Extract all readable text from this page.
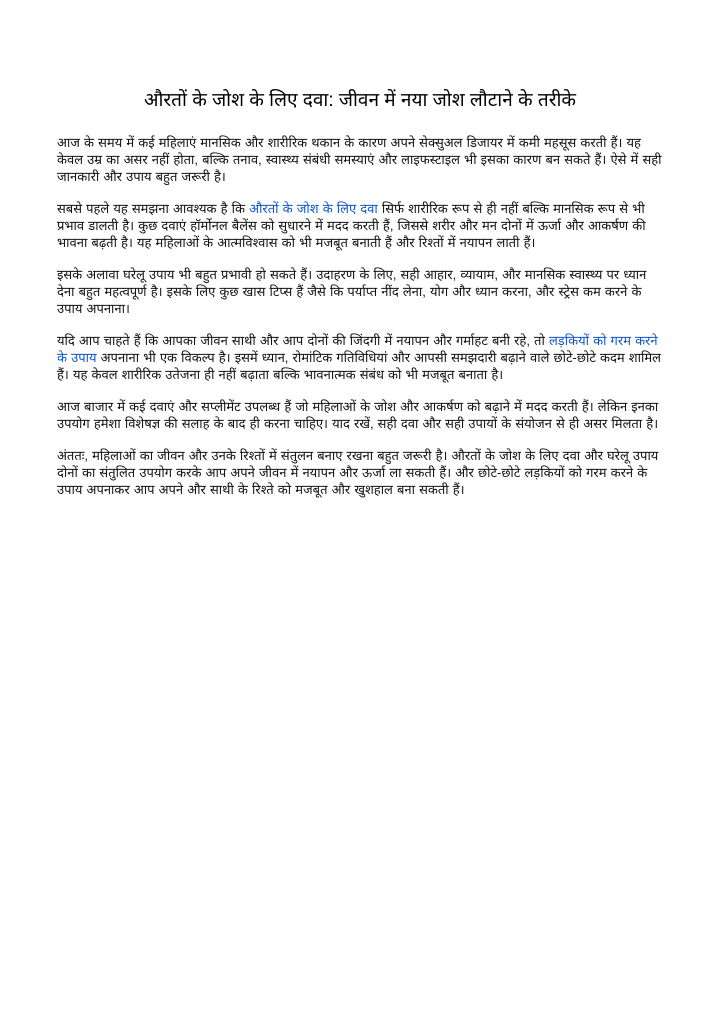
औरतों के जोश के लिए दवा: जीवन में नया जोश लौटाने के तरीके

आज के समय में कई महिलाएं मानसिक और शारीरिक थकान के कारण अपने सेक्सुअल डिजायर में कमी महसूस करती हैं। यह केवल उम्र का असर नहीं होता, बल्कि तनाव, स्वास्थ्य संबंधी समस्याएं और लाइफस्टाइल भी इसका कारण बन सकते हैं। ऐसे में सही जानकारी और उपाय बहुत जरूरी है।

सबसे पहले यह समझना आवश्यक है कि औरतों के जोश के लिए दवा सिर्फ शारीरिक रूप से ही नहीं बल्कि मानसिक रूप से भी प्रभाव डालती है। कुछ दवाएं हॉर्मोनल बैलेंस को सुधारने में मदद करती हैं, जिससे शरीर और मन दोनों में ऊर्जा और आकर्षण की भावना बढ़ती है। यह महिलाओं के आत्मविश्वास को भी मजबूत बनाती हैं और रिश्तों में नयापन लाती हैं।

इसके अलावा घरेलू उपाय भी बहुत प्रभावी हो सकते हैं। उदाहरण के लिए, सही आहार, व्यायाम, और मानसिक स्वास्थ्य पर ध्यान देना बहुत महत्वपूर्ण है। इसके लिए कुछ खास टिप्स हैं जैसे कि पर्याप्त नींद लेना, योग और ध्यान करना, और स्ट्रेस कम करने के उपाय अपनाना।

यदि आप चाहते हैं कि आपका जीवन साथी और आप दोनों की जिंदगी में नयापन और गर्माहट बनी रहे, तो लड़कियों को गरम करने के उपाय अपनाना भी एक विकल्प है। इसमें ध्यान, रोमांटिक गतिविधियां और आपसी समझदारी बढ़ाने वाले छोटे-छोटे कदम शामिल हैं। यह केवल शारीरिक उतेजना ही नहीं बढ़ाता बल्कि भावनात्मक संबंध को भी मजबूत बनाता है।

आज बाजार में कई दवाएं और सप्लीमेंट उपलब्ध हैं जो महिलाओं के जोश और आकर्षण को बढ़ाने में मदद करती हैं। लेकिन इनका उपयोग हमेशा विशेषज्ञ की सलाह के बाद ही करना चाहिए। याद रखें, सही दवा और सही उपायों के संयोजन से ही असर मिलता है।

अंततः, महिलाओं का जीवन और उनके रिश्तों में संतुलन बनाए रखना बहुत जरूरी है। औरतों के जोश के लिए दवा और घरेलू उपाय दोनों का संतुलित उपयोग करके आप अपने जीवन में नयापन और ऊर्जा ला सकती हैं। और छोटे-छोटे लड़कियों को गरम करने के उपाय अपनाकर आप अपने और साथी के रिश्ते को मजबूत और खुशहाल बना सकती हैं।
